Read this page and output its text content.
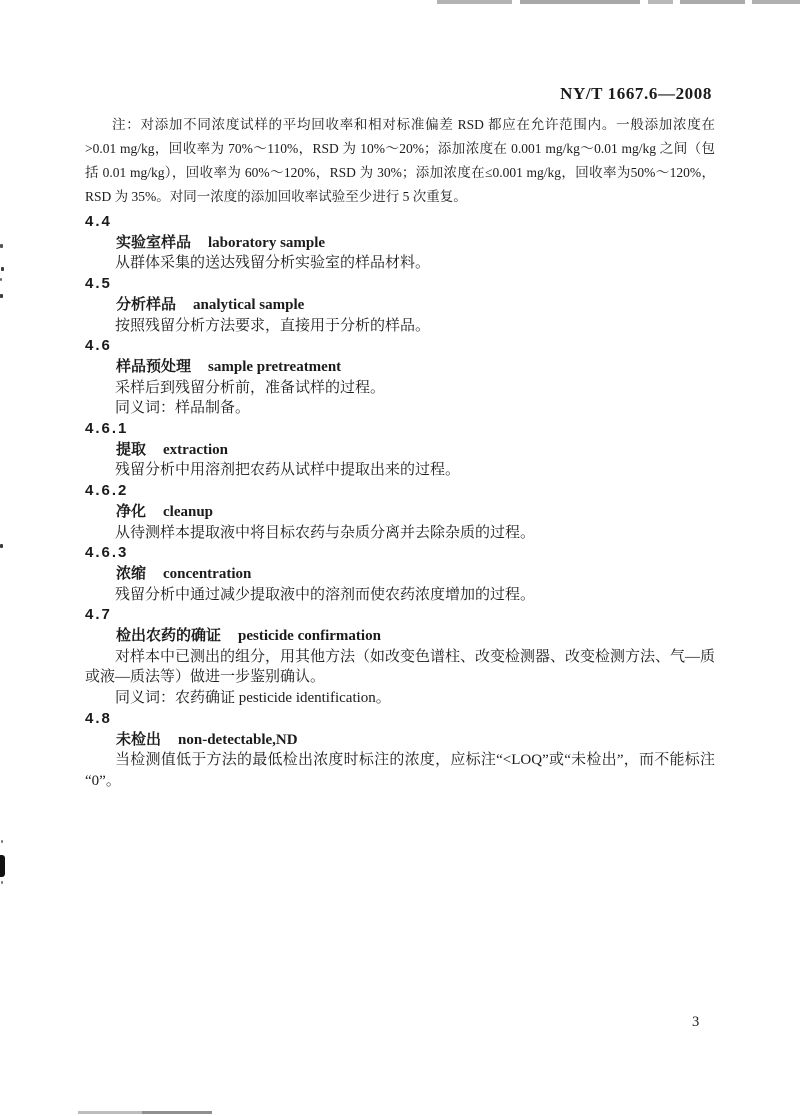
NY/T 1667.6—2008

注：对添加不同浓度试样的平均回收率和相对标准偏差 RSD 都应在允许范围内。一般添加浓度在>0.01 mg/kg，回收率为 70%～110%，RSD 为 10%～20%；添加浓度在 0.001 mg/kg～0.01 mg/kg 之间（包括 0.01 mg/kg），回收率为 60%～120%，RSD 为 30%；添加浓度在≤0.001 mg/kg，回收率为50%～120%，RSD 为 35%。对同一浓度的添加回收率试验至少进行 5 次重复。

4.4
实验室样品 laboratory sample

从群体采集的送达残留分析实验室的样品材料。

4.5
分析样品 analytical sample

按照残留分析方法要求，直接用于分析的样品。

4.6
样品预处理 sample pretreatment

采样后到残留分析前，准备试样的过程。

同义词：样品制备。

4.6.1
提取 extraction

残留分析中用溶剂把农药从试样中提取出来的过程。

4.6.2
净化 cleanup

从待测样本提取液中将目标农药与杂质分离并去除杂质的过程。

4.6.3
浓缩 concentration

残留分析中通过减少提取液中的溶剂而使农药浓度增加的过程。

4.7
检出农药的确证 pesticide confirmation

对样本中已测出的组分，用其他方法（如改变色谱柱、改变检测器、改变检测方法、气—质或液—质法等）做进一步鉴别确认。

同义词：农药确证 pesticide identification。

4.8
未检出 non-detectable,ND

当检测值低于方法的最低检出浓度时标注的浓度，应标注“<LOQ”或“未检出”，而不能标注“0”。

3
